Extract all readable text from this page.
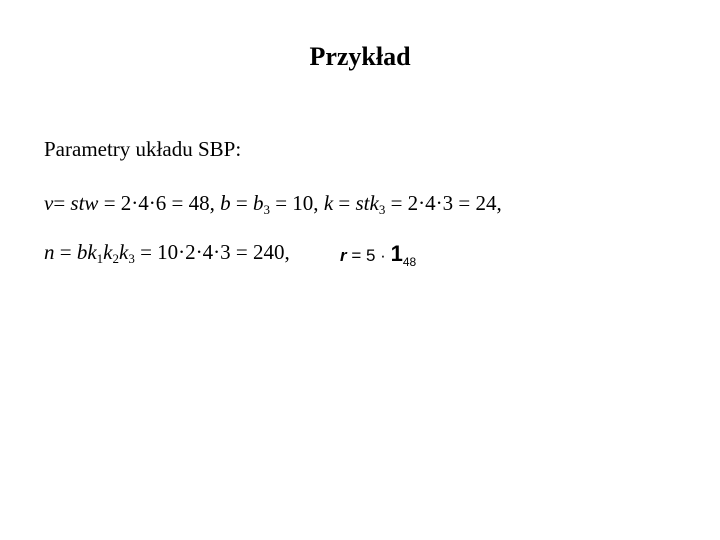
Przykład
Parametry układu SBP:
v= stw = 2·4·6 = 48, $b = b_3 = 10$, k = stk$_3$ = 2·4·3 = 24,
$n = bk_1k_2k_3 = 10\cdot 2\cdot 4\cdot 3 = 240$,	$r = 5 \cdot 1_{48}$
